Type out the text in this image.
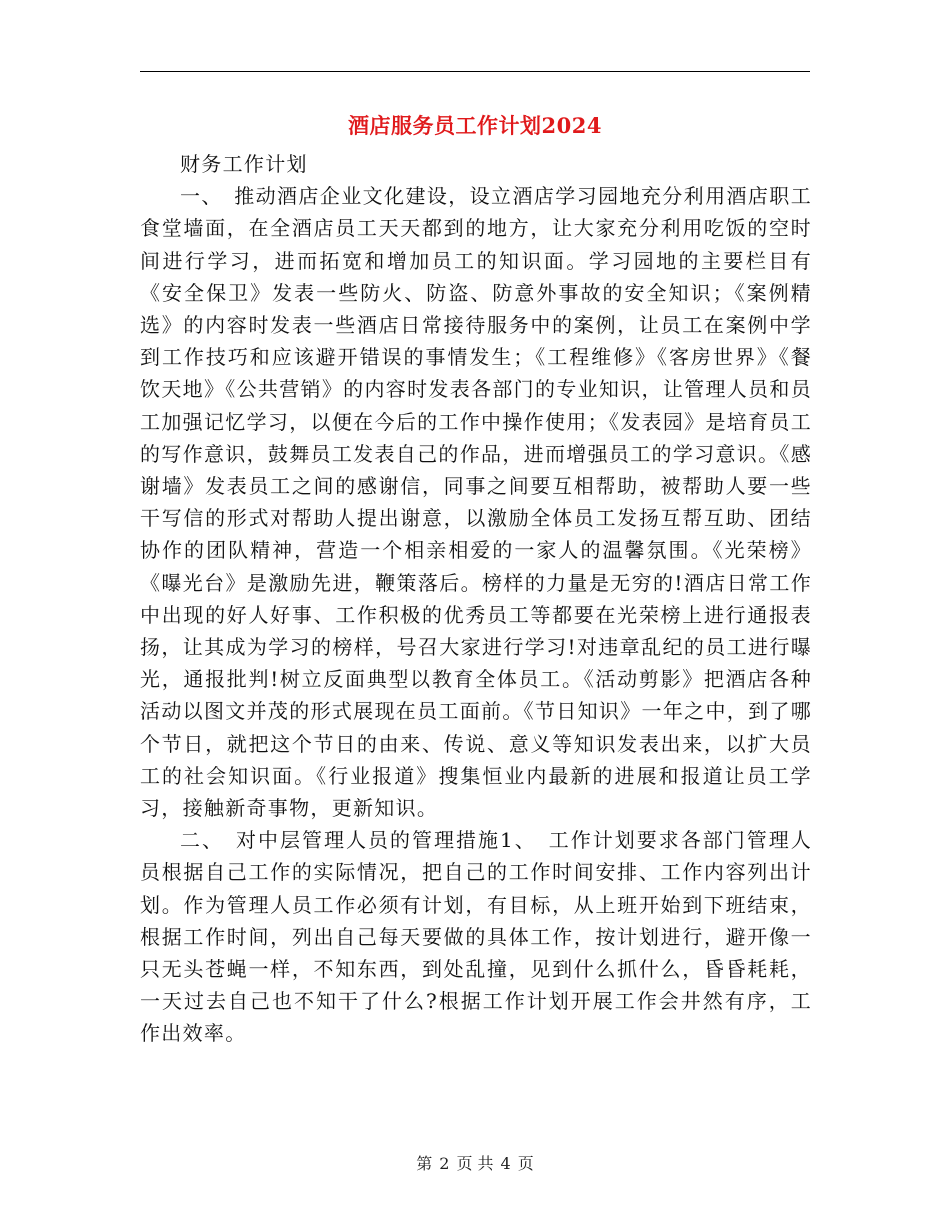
酒店服务员工作计划2024

财务工作计划

一、　推动酒店企业文化建设，设立酒店学习园地充分利用酒店职工食堂墙面，在全酒店员工天天都到的地方，让大家充分利用吃饭的空时间进行学习，进而拓宽和增加员工的知识面。学习园地的主要栏目有《安全保卫》发表一些防火、防盗、防意外事故的安全知识；《案例精选》的内容时发表一些酒店日常接待服务中的案例，让员工在案例中学到工作技巧和应该避开错误的事情发生；《工程维修》《客房世界》《餐饮天地》《公共营销》的内容时发表各部门的专业知识，让管理人员和员工加强记忆学习，以便在今后的工作中操作使用；《发表园》是培育员工的写作意识，鼓舞员工发表自己的作品，进而增强员工的学习意识。《感谢墙》发表员工之间的感谢信，同事之间要互相帮助，被帮助人要一些干写信的形式对帮助人提出谢意，以激励全体员工发扬互帮互助、团结协作的团队精神，营造一个相亲相爱的一家人的温馨氛围。《光荣榜》《曝光台》是激励先进，鞭策落后。榜样的力量是无穷的!酒店日常工作中出现的好人好事、工作积极的优秀员工等都要在光荣榜上进行通报表扬，让其成为学习的榜样，号召大家进行学习!对违章乱纪的员工进行曝光，通报批判!树立反面典型以教育全体员工。《活动剪影》把酒店各种活动以图文并茂的形式展现在员工面前。《节日知识》一年之中，到了哪个节日，就把这个节日的由来、传说、意义等知识发表出来，以扩大员工的社会知识面。《行业报道》搜集恒业内最新的进展和报道让员工学习，接触新奇事物，更新知识。

二、　对中层管理人员的管理措施1、　工作计划要求各部门管理人员根据自己工作的实际情况，把自己的工作时间安排、工作内容列出计划。作为管理人员工作必须有计划，有目标，从上班开始到下班结束，根据工作时间，列出自己每天要做的具体工作，按计划进行，避开像一只无头苍蝇一样，不知东西，到处乱撞，见到什么抓什么，昏昏耗耗，一天过去自己也不知干了什么?根据工作计划开展工作会井然有序，工作出效率。

第 2 页 共 4 页
